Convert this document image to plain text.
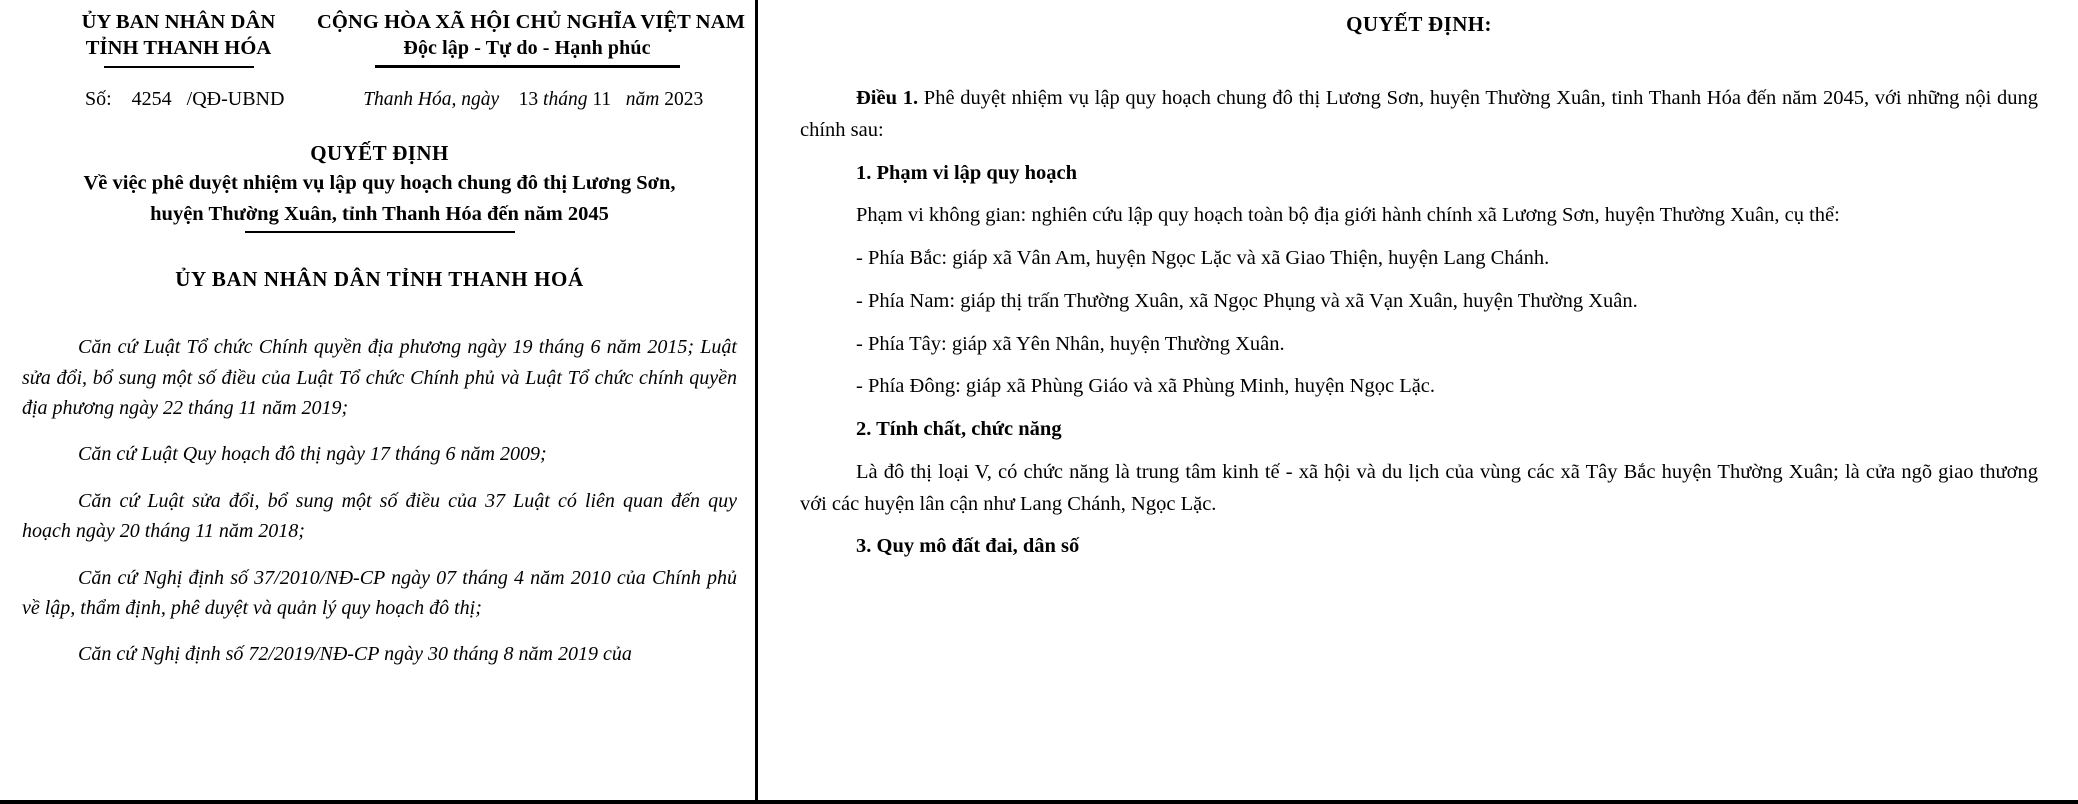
ỦY BAN NHÂN DÂN
TỈNH THANH HÓA
CỘNG HÒA XÃ HỘI CHỦ NGHĨA VIỆT NAM
Độc lập - Tự do - Hạnh phúc
Số: 4254 /QĐ-UBND	Thanh Hóa, ngày 13 tháng 11 năm 2023
QUYẾT ĐỊNH
Về việc phê duyệt nhiệm vụ lập quy hoạch chung đô thị Lương Sơn,
huyện Thường Xuân, tỉnh Thanh Hóa đến năm 2045
ỦY BAN NHÂN DÂN TỈNH THANH HOÁ

Căn cứ Luật Tổ chức Chính quyền địa phương ngày 19 tháng 6 năm 2015; Luật sửa đổi, bổ sung một số điều của Luật Tổ chức Chính phủ và Luật Tổ chức chính quyền địa phương ngày 22 tháng 11 năm 2019;

Căn cứ Luật Quy hoạch đô thị ngày 17 tháng 6 năm 2009;

Căn cứ Luật sửa đổi, bổ sung một số điều của 37 Luật có liên quan đến quy hoạch ngày 20 tháng 11 năm 2018;

Căn cứ Nghị định số 37/2010/NĐ-CP ngày 07 tháng 4 năm 2010 của Chính phủ về lập, thẩm định, phê duyệt và quản lý quy hoạch đô thị;

Căn cứ Nghị định số 72/2019/NĐ-CP ngày 30 tháng 8 năm 2019 của

QUYẾT ĐỊNH:

Điều 1. Phê duyệt nhiệm vụ lập quy hoạch chung đô thị Lương Sơn, huyện Thường Xuân, tinh Thanh Hóa đến năm 2045, với những nội dung chính sau:

1. Phạm vi lập quy hoạch

Phạm vi không gian: nghiên cứu lập quy hoạch toàn bộ địa giới hành chính xã Lương Sơn, huyện Thường Xuân, cụ thể:

- Phía Bắc: giáp xã Vân Am, huyện Ngọc Lặc và xã Giao Thiện, huyện Lang Chánh.

- Phía Nam: giáp thị trấn Thường Xuân, xã Ngọc Phụng và xã Vạn Xuân, huyện Thường Xuân.

- Phía Tây: giáp xã Yên Nhân, huyện Thường Xuân.

- Phía Đông: giáp xã Phùng Giáo và xã Phùng Minh, huyện Ngọc Lặc.

2. Tính chất, chức năng

Là đô thị loại V, có chức năng là trung tâm kinh tế - xã hội và du lịch của vùng các xã Tây Bắc huyện Thường Xuân; là cửa ngõ giao thương với các huyện lân cận như Lang Chánh, Ngọc Lặc.

3. Quy mô đất đai, dân số
